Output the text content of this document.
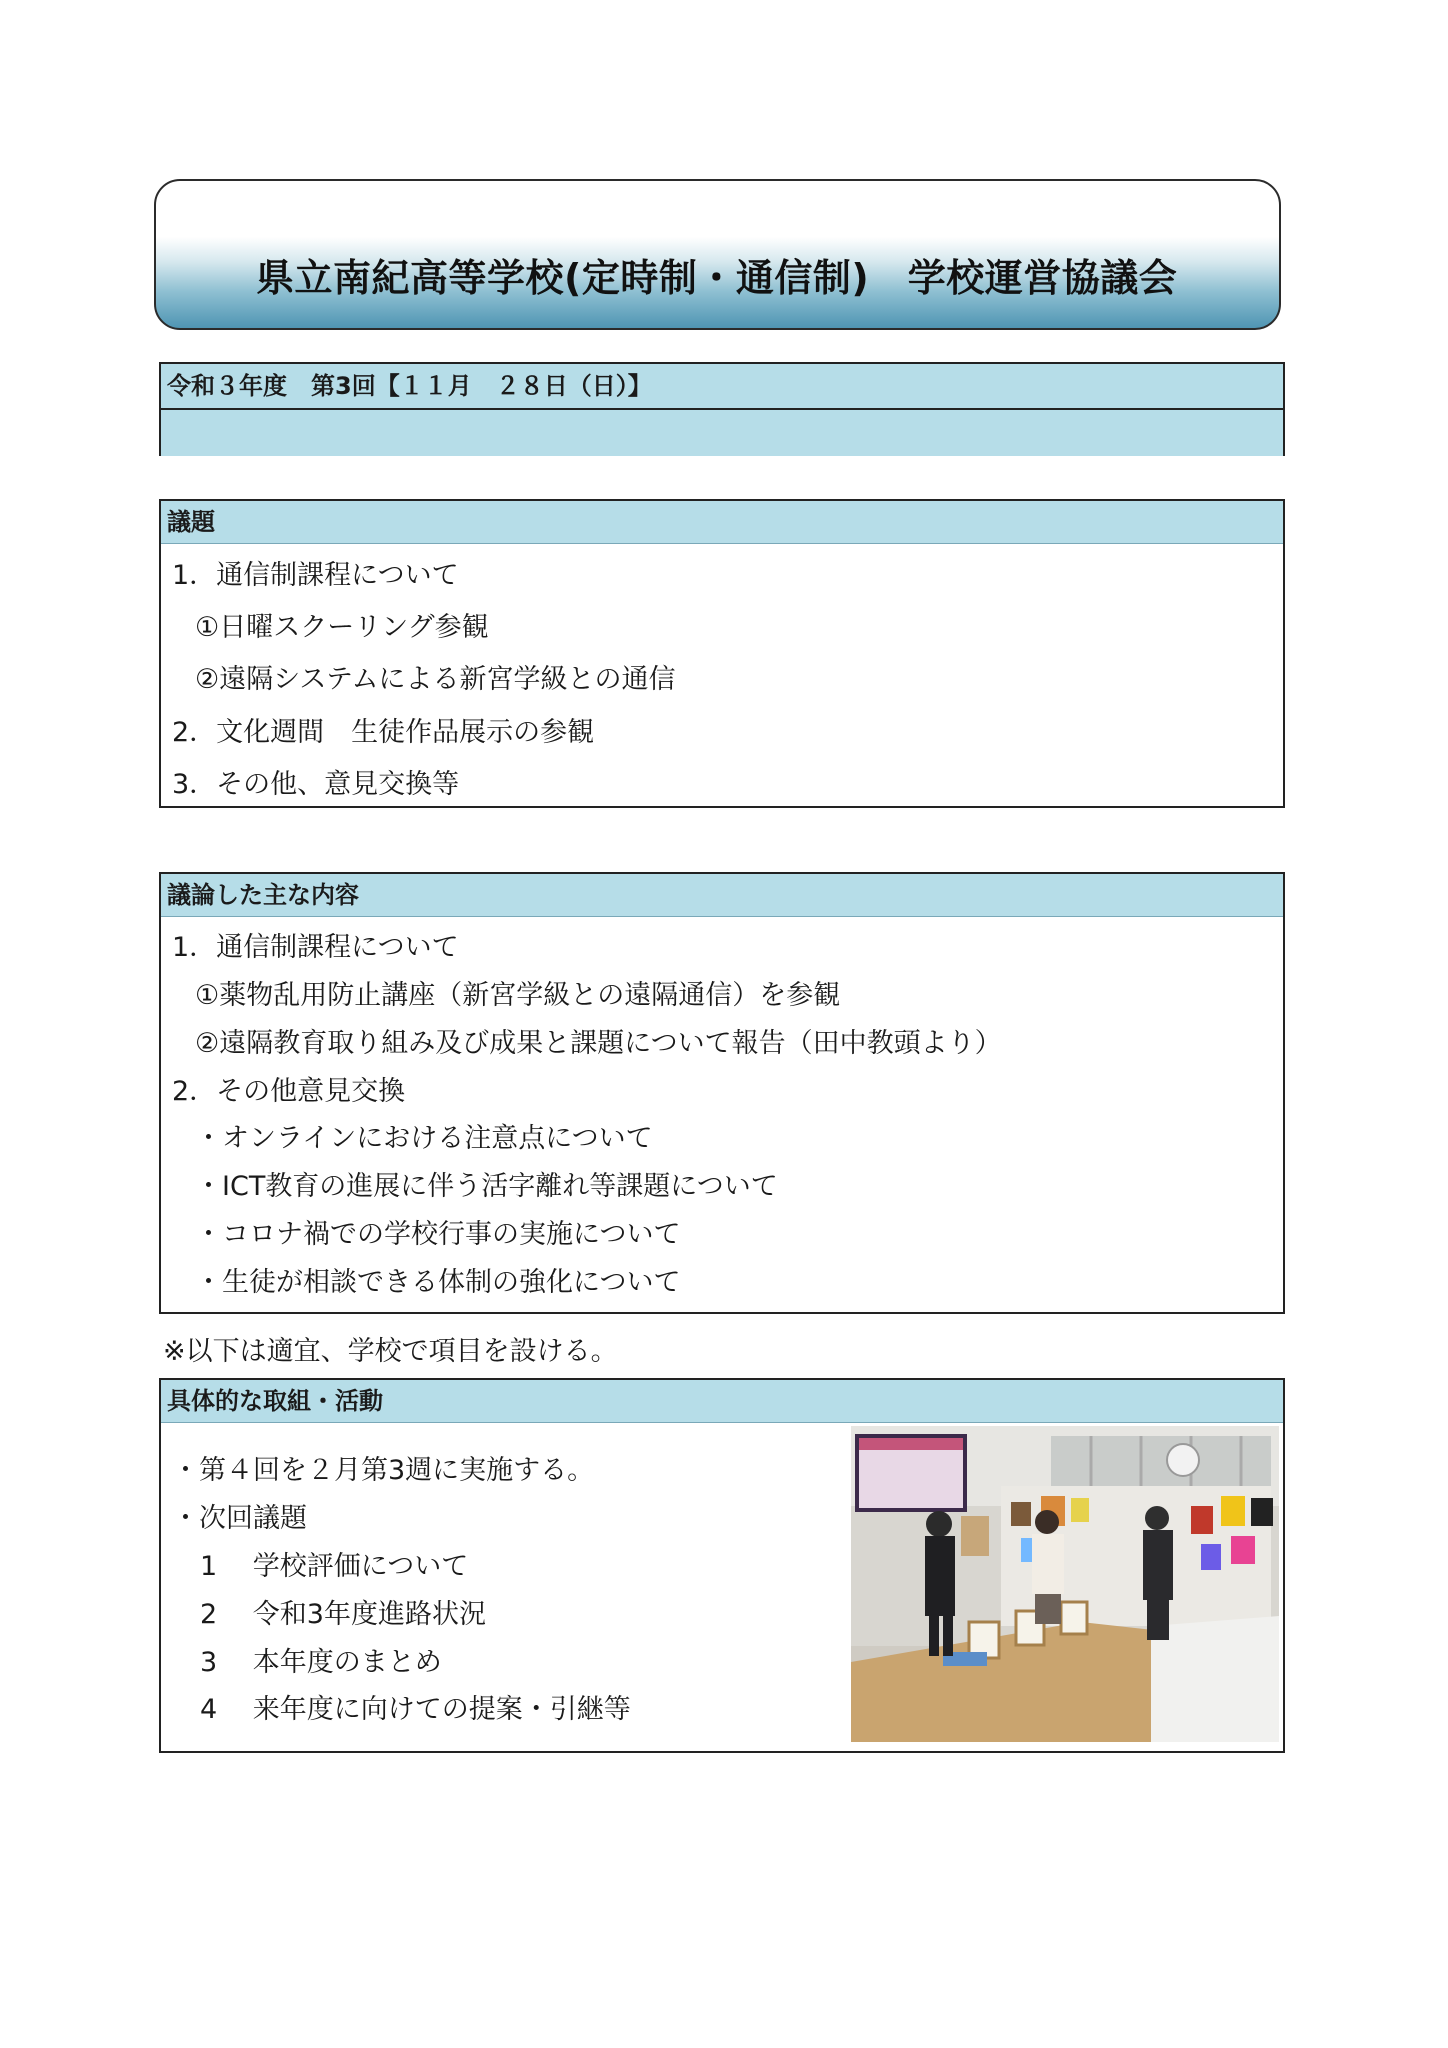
県立南紀高等学校(定時制・通信制)　学校運営協議会
令和３年度　第3回【１１月　２８日（日）】
議題
1．通信制課程について
①日曜スクーリング参観
②遠隔システムによる新宮学級との通信
2．文化週間　生徒作品展示の参観
3．その他、意見交換等
議論した主な内容
1．通信制課程について
①薬物乱用防止講座（新宮学級との遠隔通信）を参観
②遠隔教育取り組み及び成果と課題について報告（田中教頭より）
2．その他意見交換
・オンラインにおける注意点について
・ICT教育の進展に伴う活字離れ等課題について
・コロナ禍での学校行事の実施について
・生徒が相談できる体制の強化について
※以下は適宜、学校で項目を設ける。
具体的な取組・活動
・第４回を２月第3週に実施する。
・次回議題
1　 学校評価について
2　 令和3年度進路状況
3　 本年度のまとめ
4　 来年度に向けての提案・引継等
